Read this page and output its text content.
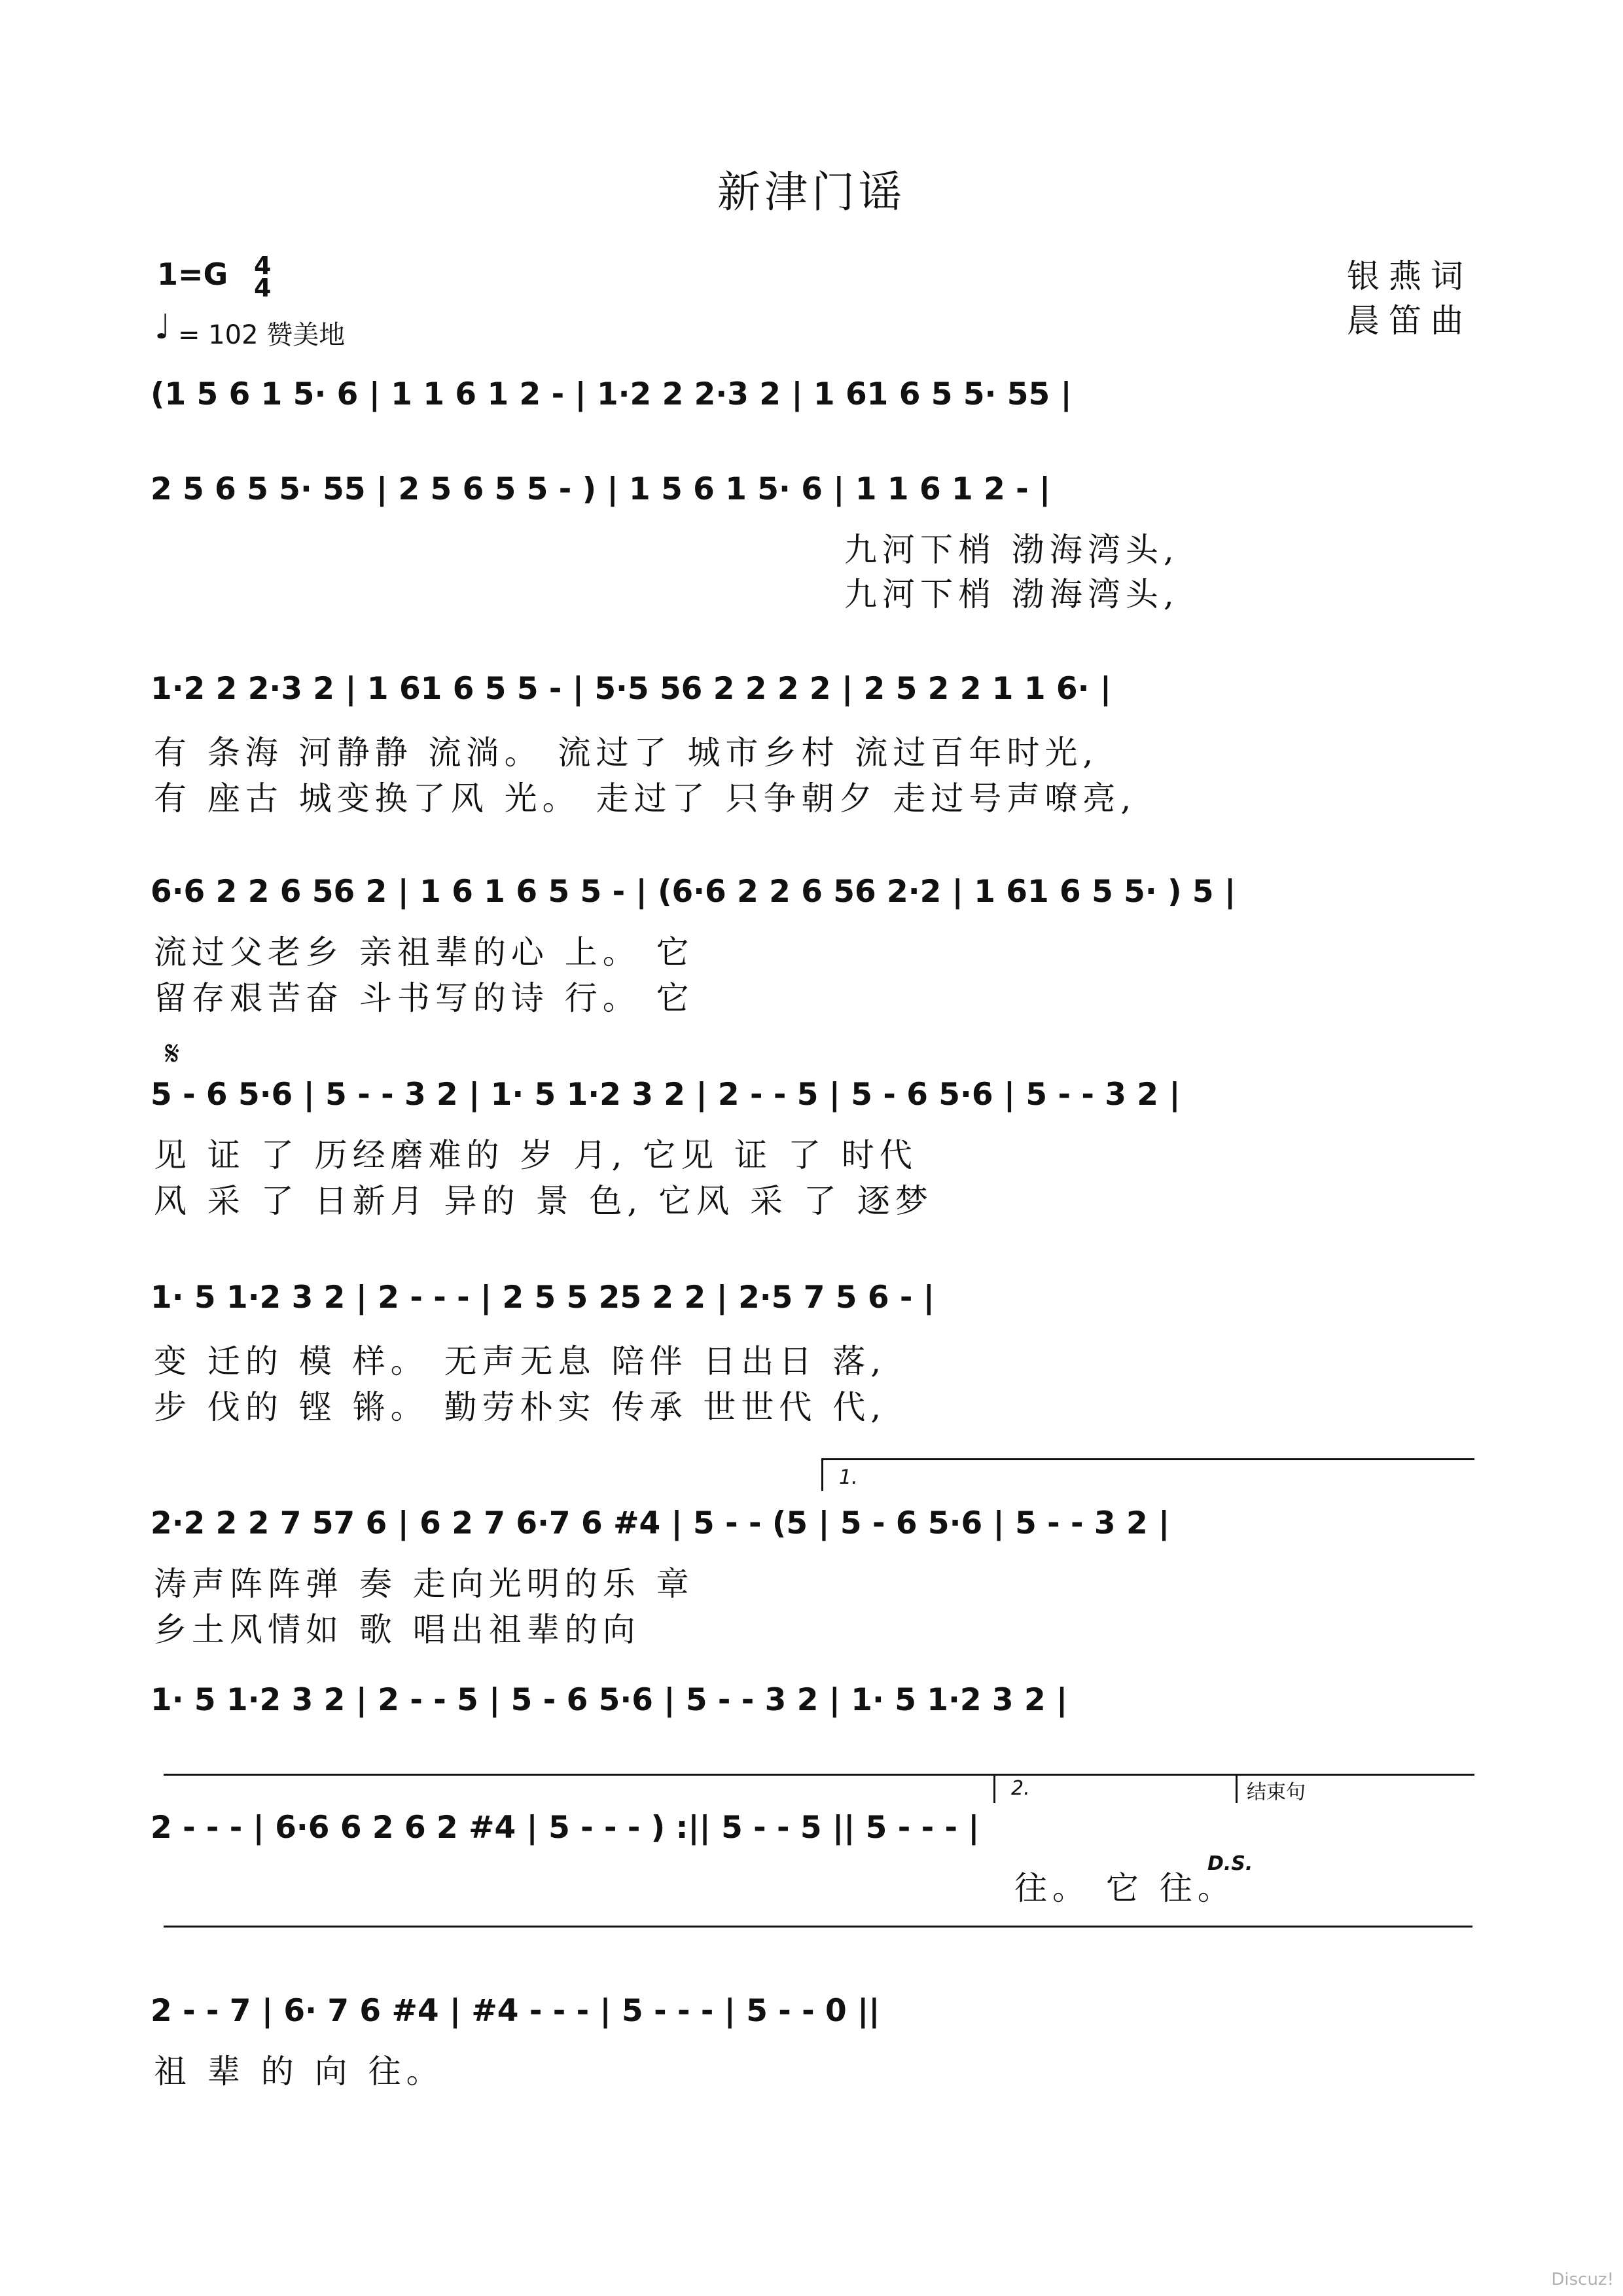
新津门谣
1=G 4
4
♩ = 102 赞美地
银燕词
晨笛曲
(1 5 6 1 5· 6 | 1 1 6 1 2 - | 1·2 2 2·3 2 | 1 61 6 5 5· 55 |
2 5 6 5 5· 55 | 2 5 6 5 5 - ) | 1 5 6 1 5· 6 | 1 1 6 1 2 - |
九河下梢 渤海湾头,
九河下梢 渤海湾头,
1·2 2 2·3 2 | 1 61 6 5 5 - | 5·5 56 2 2 2 2 | 2 5 2 2 1 1 6· |
有 条海 河静静 流淌。 流过了 城市乡村 流过百年时光,
有 座古 城变换了风 光。 走过了 只争朝夕 走过号声嘹亮,
6·6 2 2 6 56 2 | 1 6 1 6 5 5 - | (6·6 2 2 6 56 2·2 | 1 61 6 5 5· ) 5 |
流过父老乡 亲祖辈的心 上。 它
留存艰苦奋 斗书写的诗 行。 它
𝄋
5 - 6 5·6 | 5 - - 3 2 | 1· 5 1·2 3 2 | 2 - - 5 | 5 - 6 5·6 | 5 - - 3 2 |
见 证 了 历经磨难的 岁 月, 它见 证 了 时代
风 采 了 日新月 异的 景 色, 它风 采 了 逐梦
1· 5 1·2 3 2 | 2 - - - | 2 5 5 25 2 2 | 2·5 7 5 6 - |
变 迁的 模 样。 无声无息 陪伴 日出日 落,
步 伐的 铿 锵。 勤劳朴实 传承 世世代 代,
1.
2·2 2 2 7 57 6 | 6 2 7 6·7 6 #4 | 5 - - (5 | 5 - 6 5·6 | 5 - - 3 2 |
涛声阵阵弹 奏 走向光明的乐 章
乡土风情如 歌 唱出祖辈的向
1· 5 1·2 3 2 | 2 - - 5 | 5 - 6 5·6 | 5 - - 3 2 | 1· 5 1·2 3 2 |
2.	结束句
2 - - - | 6·6 6 2 6 2 #4 | 5 - - - ) :|| 5 - - 5 || 5 - - - |
往。 它 往。
D.S.
2 - - 7 | 6· 7 6 #4 | #4 - - - | 5 - - - | 5 - - 0 ||
祖 辈 的 向 往。
Discuz!
